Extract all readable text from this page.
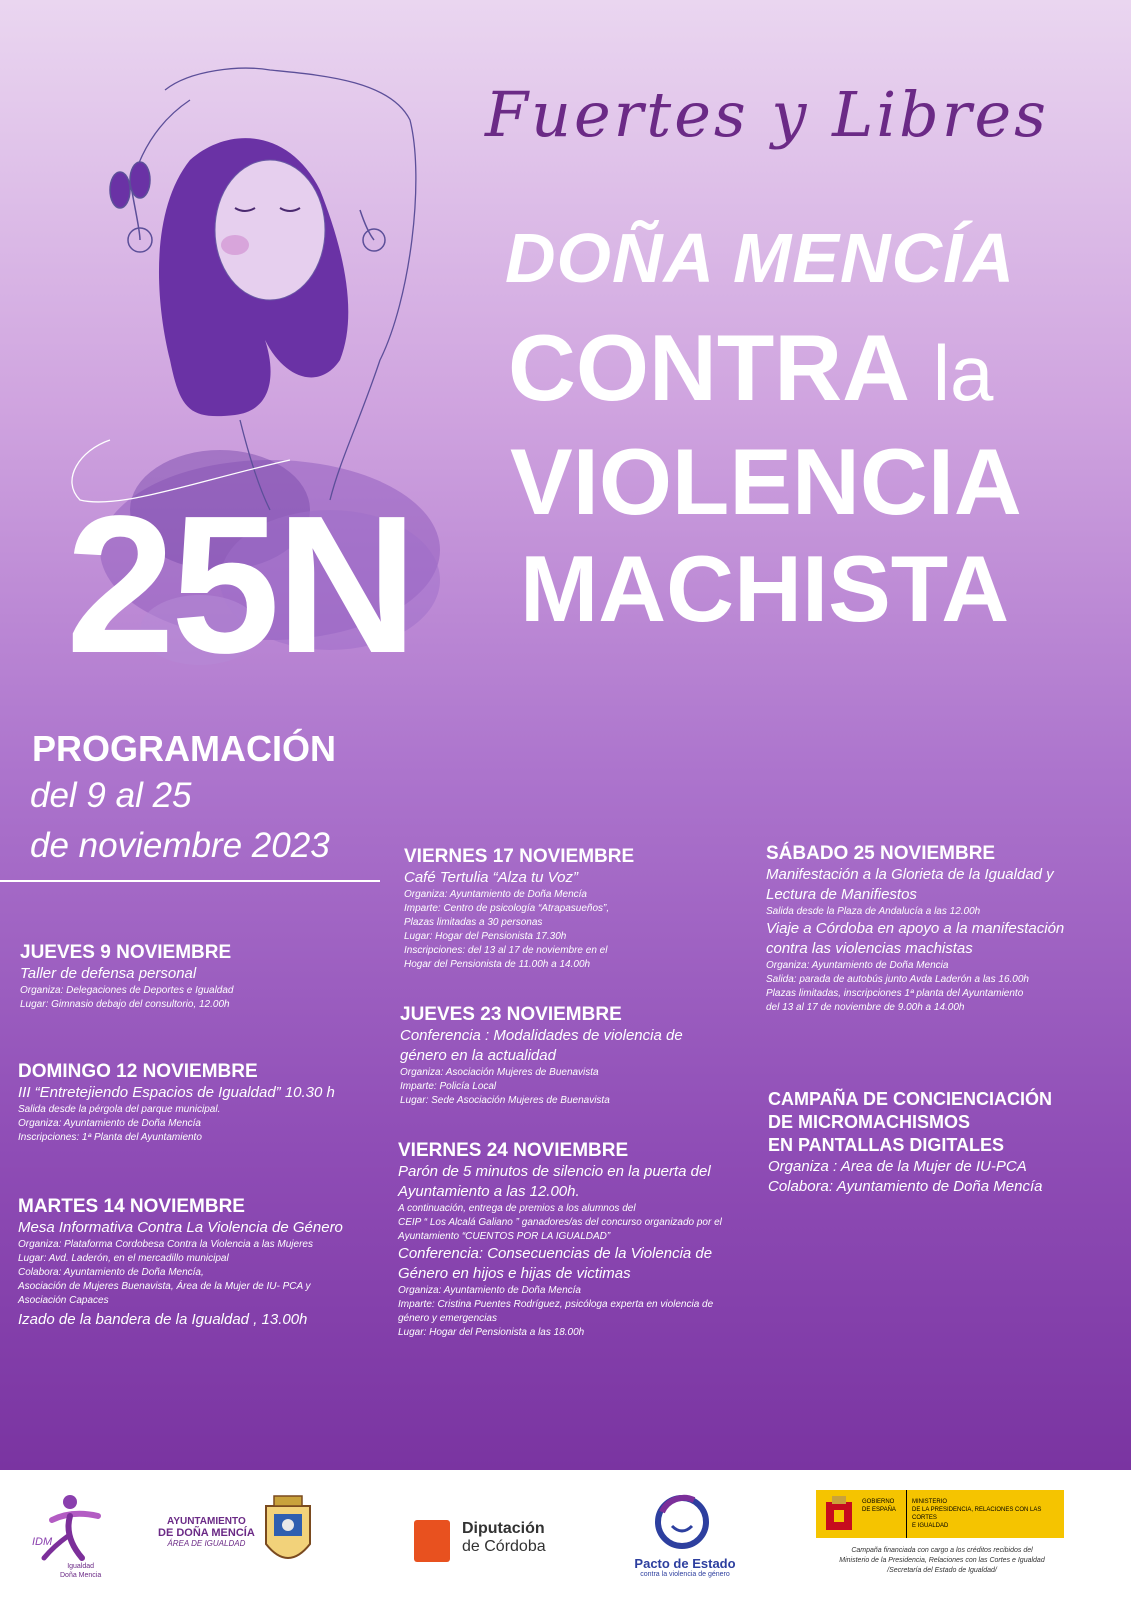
Fuertes y Libres
DOÑA MENCÍA
CONTRA la
VIOLENCIA
MACHISTA
25N
PROGRAMACIÓN
del 9 al 25
de noviembre 2023
JUEVES 9 NOVIEMBRE
Taller de defensa personal
Organiza: Delegaciones de Deportes e Igualdad
Lugar: Gimnasio debajo del consultorio, 12.00h
DOMINGO 12 NOVIEMBRE
III “Entretejiendo Espacios de Igualdad” 10.30 h
Salida desde la pérgola del parque municipal.
Organiza: Ayuntamiento de Doña Mencía
Inscripciones: 1ª Planta del Ayuntamiento
MARTES 14 NOVIEMBRE
Mesa Informativa Contra La Violencia de Género
Organiza: Plataforma Cordobesa Contra la Violencia a las Mujeres
Lugar: Avd. Laderón, en el mercadillo municipal
Colabora: Ayuntamiento de Doña Mencía,
Asociación de Mujeres Buenavista, Área de la Mujer de IU- PCA y
Asociación Capaces
Izado de la bandera de la Igualdad , 13.00h
VIERNES 17 NOVIEMBRE
Café Tertulia “Alza tu Voz”
Organiza: Ayuntamiento de Doña Mencía
Imparte: Centro de psicología “Atrapasueños”,
Plazas limitadas a 30 personas
Lugar: Hogar del Pensionista 17.30h
Inscripciones: del 13 al 17 de noviembre en el
Hogar del Pensionista de 11.00h a 14.00h
JUEVES 23 NOVIEMBRE
Conferencia : Modalidades de violencia de
género en la actualidad
Organiza: Asociación Mujeres de Buenavista
Imparte: Policía Local
Lugar: Sede Asociación Mujeres de Buenavista
VIERNES 24 NOVIEMBRE
Parón de 5 minutos de silencio en la puerta del
Ayuntamiento a las 12.00h.
A continuación, entrega de premios a los alumnos del
CEIP “ Los Alcalá Galiano ” ganadores/as del concurso organizado por el
Ayuntamiento “CUENTOS POR LA IGUALDAD”
Conferencia: Consecuencias de la Violencia de
Género en hijos e hijas de victimas
Organiza: Ayuntamiento de Doña Mencía
Imparte: Cristina Puentes Rodríguez, psicóloga experta en violencia de
género y emergencias
Lugar: Hogar del Pensionista a las 18.00h
SÁBADO 25 NOVIEMBRE
Manifestación a la Glorieta de la Igualdad y
Lectura de Manifiestos
Salida desde la Plaza de Andalucía a las 12.00h
Viaje a Córdoba en apoyo a la manifestación
contra las violencias machistas
Organiza: Ayuntamiento de Doña Mencia
Salida: parada de autobús junto Avda Laderón a las 16.00h
Plazas limitadas, inscripciones 1ª planta del Ayuntamiento
del 13 al 17 de noviembre de 9.00h a 14.00h
CAMPAÑA DE CONCIENCIACIÓN
DE MICROMACHISMOS
EN PANTALLAS DIGITALES
Organiza : Area de la Mujer de IU-PCA
Colabora: Ayuntamiento de Doña Mencía
IDM
Igualdad
Doña Mencia
AYUNTAMIENTO
DE DOÑA MENCÍA
ÁREA DE IGUALDAD
Diputación
de Córdoba
Pacto de Estado
contra la violencia de género
GOBIERNO
DE ESPAÑA
MINISTERIO
DE LA PRESIDENCIA, RELACIONES CON LAS CORTES
E IGUALDAD
Campaña financiada con cargo a los créditos recibidos del
Ministerio de la Presidencia, Relaciones con las Cortes e Igualdad
/Secretaría del Estado de Igualdad/
